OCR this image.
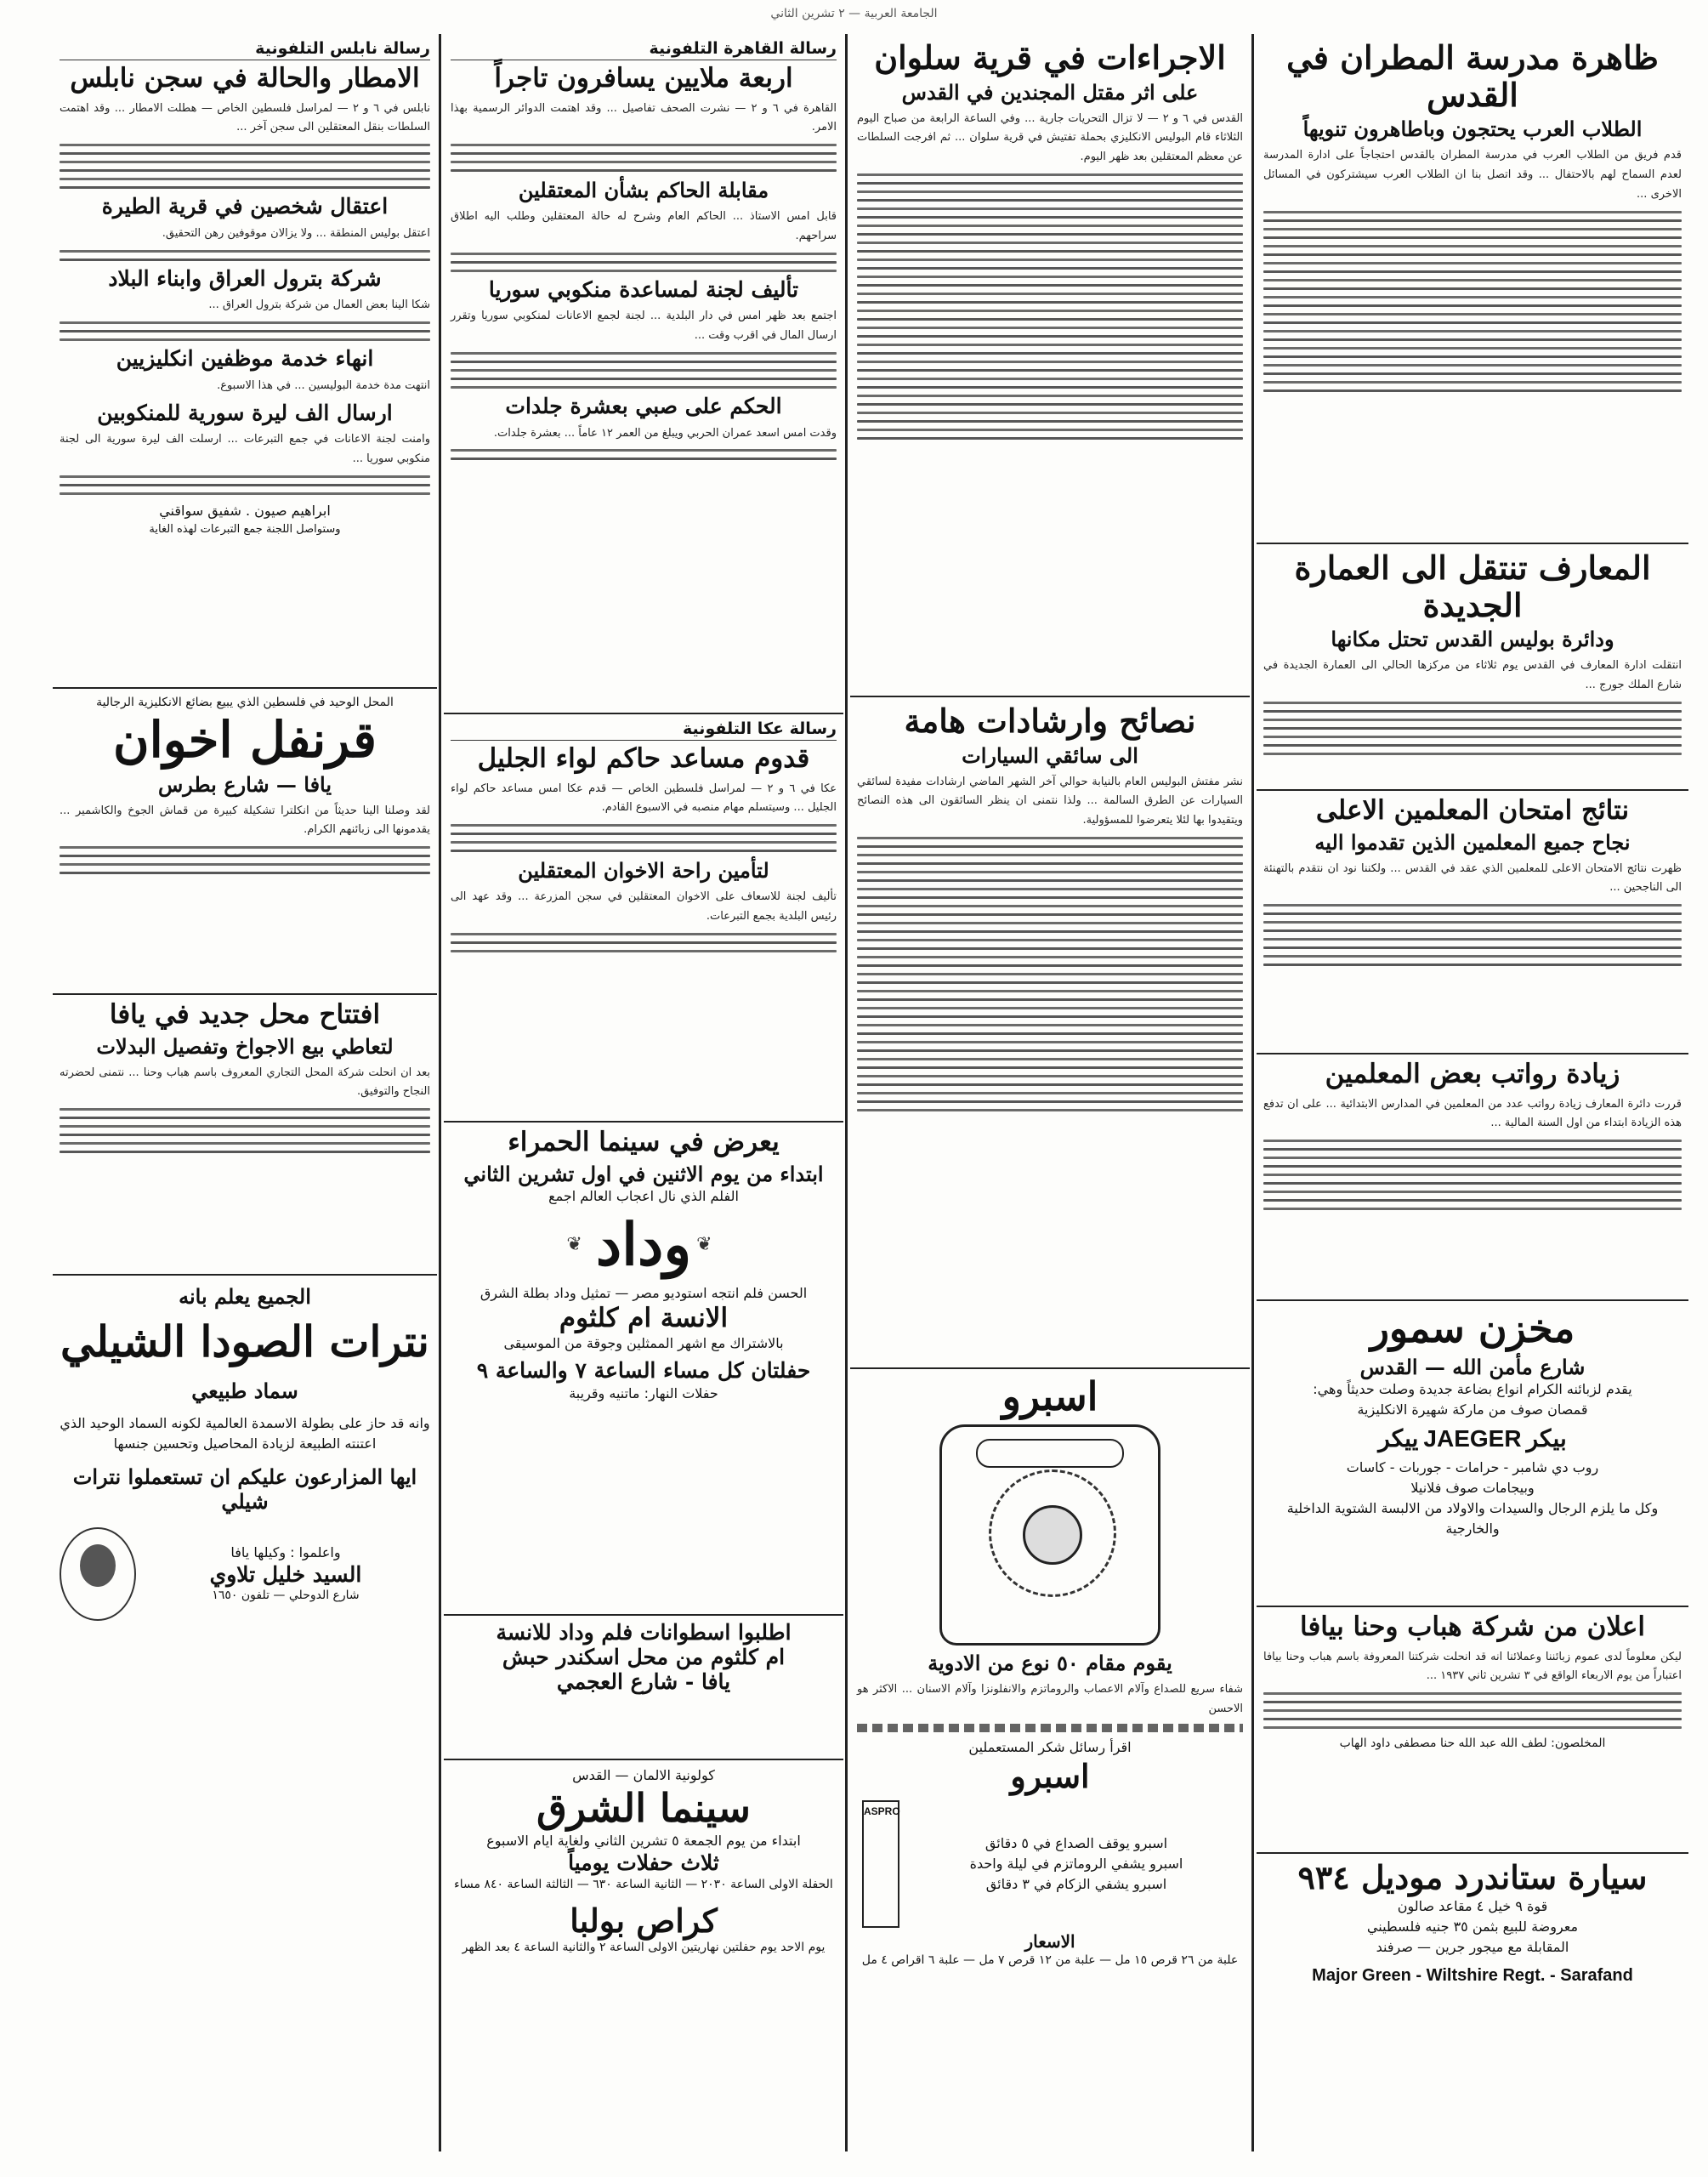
الجامعة العربية — ٢ تشرين الثاني
ظاهرة مدرسة المطران في القدس
الطلاب العرب يحتجون وباطاهرون تنويهاً
قدم فريق من الطلاب العرب في مدرسة المطران بالقدس احتجاجاً على ادارة المدرسة لعدم السماح لهم بالاحتفال ... وقد اتصل بنا ان الطلاب العرب سيشتركون في المسائل الاخرى ...
المعارف تنتقل الى العمارة الجديدة
ودائرة بوليس القدس تحتل مكانها
انتقلت ادارة المعارف في القدس يوم ثلاثاء من مركزها الحالي الى العمارة الجديدة في شارع الملك جورج ...
نتائج امتحان المعلمين الاعلى
نجاح جميع المعلمين الذين تقدموا اليه
ظهرت نتائج الامتحان الاعلى للمعلمين الذي عقد في القدس ... ولكننا نود ان نتقدم بالتهنئة الى الناجحين ...
زيادة رواتب بعض المعلمين
قررت دائرة المعارف زيادة رواتب عدد من المعلمين في المدارس الابتدائية ... على ان تدفع هذه الزيادة ابتداء من اول السنة المالية ...
مخزن سمور
شارع مأمن الله — القدس
يقدم لزبائنه الكرام انواع بضاعة جديدة وصلت حديثاً وهي:
قمصان صوف من ماركة شهيرة الانكليزية
بيكر
JAEGER
ييكر
روب دي شامبر - حرامات - جوربات - كاسات
وبيجامات صوف فلانيلا
وكل ما يلزم الرجال والسيدات والاولاد من الالبسة الشتوية الداخلية والخارجية
اعلان من شركة هباب وحنا بيافا
ليكن معلوماً لدى عموم زبائننا وعملائنا انه قد انحلت شركتنا المعروفة باسم هباب وحنا بيافا اعتباراً من يوم الاربعاء الواقع في ٣ تشرين ثاني ١٩٣٧ ...
المخلصون: لطف الله عبد الله حنا مصطفى داود الهاب
سيارة ستاندرد موديل ٩٣٤
قوة ٩ خيل ٤ مقاعد صالون
معروضة للبيع بثمن ٣٥ جنيه فلسطيني
المقابلة مع ميجور جرين — صرفند
Major Green - Wiltshire Regt. - Sarafand
الاجراءات في قرية سلوان
على اثر مقتل المجندين في القدس
القدس في ٦ و ٢ — لا تزال التحريات جارية ... وفي الساعة الرابعة من صباح اليوم الثلاثاء قام البوليس الانكليزي بحملة تفتيش في قرية سلوان ... ثم افرجت السلطات عن معظم المعتقلين بعد ظهر اليوم.
نصائح وارشادات هامة
الى سائقي السيارات
نشر مفتش البوليس العام بالنيابة حوالي آخر الشهر الماضي ارشادات مفيدة لسائقي السيارات عن الطرق السالمة ... ولذا نتمنى ان ينظر السائقون الى هذه النصائح ويتقيدوا بها لئلا يتعرضوا للمسؤولية.
اسبرو
يقوم مقام ٥٠ نوع من الادوية
شفاء سريع للصداع وآلام الاعصاب والروماتزم والانفلونزا وآلام الاسنان ... الاكثر هو الاحسن
اقرأ رسائل شكر المستعملين
اسبرو
اسبرو يوقف الصداع في ٥ دقائق
اسبرو يشفي الروماتزم في ليلة واحدة
اسبرو يشفي الزكام في ٣ دقائق
ASPRO
الاسعار
علبة من ٢٦ قرص ١٥ مل — علبة من ١٢ قرص ٧ مل — علبة ٦ اقراص ٤ مل
رسالة القاهرة التلفونية
اربعة ملايين يسافرون تاجراً
القاهرة في ٦ و ٢ — نشرت الصحف تفاصيل ... وقد اهتمت الدوائر الرسمية بهذا الامر.
مقابلة الحاكم بشأن المعتقلين
قابل امس الاستاذ ... الحاكم العام وشرح له حالة المعتقلين وطلب اليه اطلاق سراحهم.
تأليف لجنة لمساعدة منكوبي سوريا
اجتمع بعد ظهر امس في دار البلدية ... لجنة لجمع الاعانات لمنكوبي سوريا وتقرر ارسال المال في اقرب وقت ...
الحكم على صبي بعشرة جلدات
وقدت امس اسعد عمران الحربي ويبلغ من العمر ١٢ عاماً ... بعشرة جلدات.
رسالة عكا التلفونية
قدوم مساعد حاكم لواء الجليل
عكا في ٦ و ٢ — لمراسل فلسطين الخاص — قدم عكا امس مساعد حاكم لواء الجليل ... وسيتسلم مهام منصبه في الاسبوع القادم.
لتأمين راحة الاخوان المعتقلين
تأليف لجنة للاسعاف على الاخوان المعتقلين في سجن المزرعة ... وقد عهد الى رئيس البلدية بجمع التبرعات.
يعرض في سينما الحمراء
ابتداء من يوم الاثنين في اول تشرين الثاني
الفلم الذي نال اعجاب العالم اجمع
❦
وداد
❦
الحسن فلم انتجه استوديو مصر — تمثيل وداد بطلة الشرق
الانسة ام كلثوم
بالاشتراك مع اشهر الممثلين وجوقة من الموسيقى
حفلتان كل مساء الساعة ٧ والساعة ٩
حفلات النهار: ماتنيه وقريبة
اطلبوا اسطوانات فلم وداد للانسة
ام كلثوم من محل اسكندر حبش
يافا - شارع العجمي
كولونية الالمان — القدس
سينما الشرق
ابتداء من يوم الجمعة ٥ تشرين الثاني ولغاية ايام الاسبوع
ثلاث حفلات يومياً
الحفلة الاولى الساعة ٢٠٣٠ — الثانية الساعة ٦٣٠ — الثالثة الساعة ٨٤٠ مساء
كراص بولبا
يوم الاحد يوم حفلتين نهاريتين الاولى الساعة ٢ والثانية الساعة ٤ بعد الظهر
رسالة نابلس التلفونية
الامطار والحالة في سجن نابلس
نابلس في ٦ و ٢ — لمراسل فلسطين الخاص — هطلت الامطار ... وقد اهتمت السلطات بنقل المعتقلين الى سجن آخر ...
اعتقال شخصين في قرية الطيرة
اعتقل بوليس المنطقة ... ولا يزالان موقوفين رهن التحقيق.
شركة بترول العراق وابناء البلاد
شكا الينا بعض العمال من شركة بترول العراق ...
انهاء خدمة موظفين انكليزيين
انتهت مدة خدمة البوليسين ... في هذا الاسبوع.
ارسال الف ليرة سورية للمنكوبين
وامنت لجنة الاعانات في جمع التبرعات ... ارسلت الف ليرة سورية الى لجنة منكوبي سوريا ...
ابراهيم صيون . شفيق سواقني
وستواصل اللجنة جمع التبرعات لهذه الغاية
المحل الوحيد في فلسطين الذي يبيع بضائع الانكليزية الرجالية
قرنفل اخوان
يافا — شارع بطرس
لقد وصلنا الينا حديثاً من انكلترا تشكيلة كبيرة من قماش الجوخ والكاشمير ... يقدمونها الى زبائنهم الكرام.
افتتاح محل جديد في يافا
لتعاطي بيع الاجواخ وتفصيل البدلات
بعد ان انحلت شركة المحل التجاري المعروف باسم هباب وحنا ... نتمنى لحضرته النجاح والتوفيق.
الجميع يعلم بانه
نترات الصودا الشيلي
سماد طبيعي
وانه قد حاز على بطولة الاسمدة العالمية لكونه السماد الوحيد الذي اعتنته الطبيعة لزيادة المحاصيل وتحسين جنسها
ايها المزارعون عليكم ان تستعملوا نترات شيلي
واعلموا : وكيلها يافا
السيد خليل تلاوي
شارع الدوحلي — تلفون ١٦٥٠
